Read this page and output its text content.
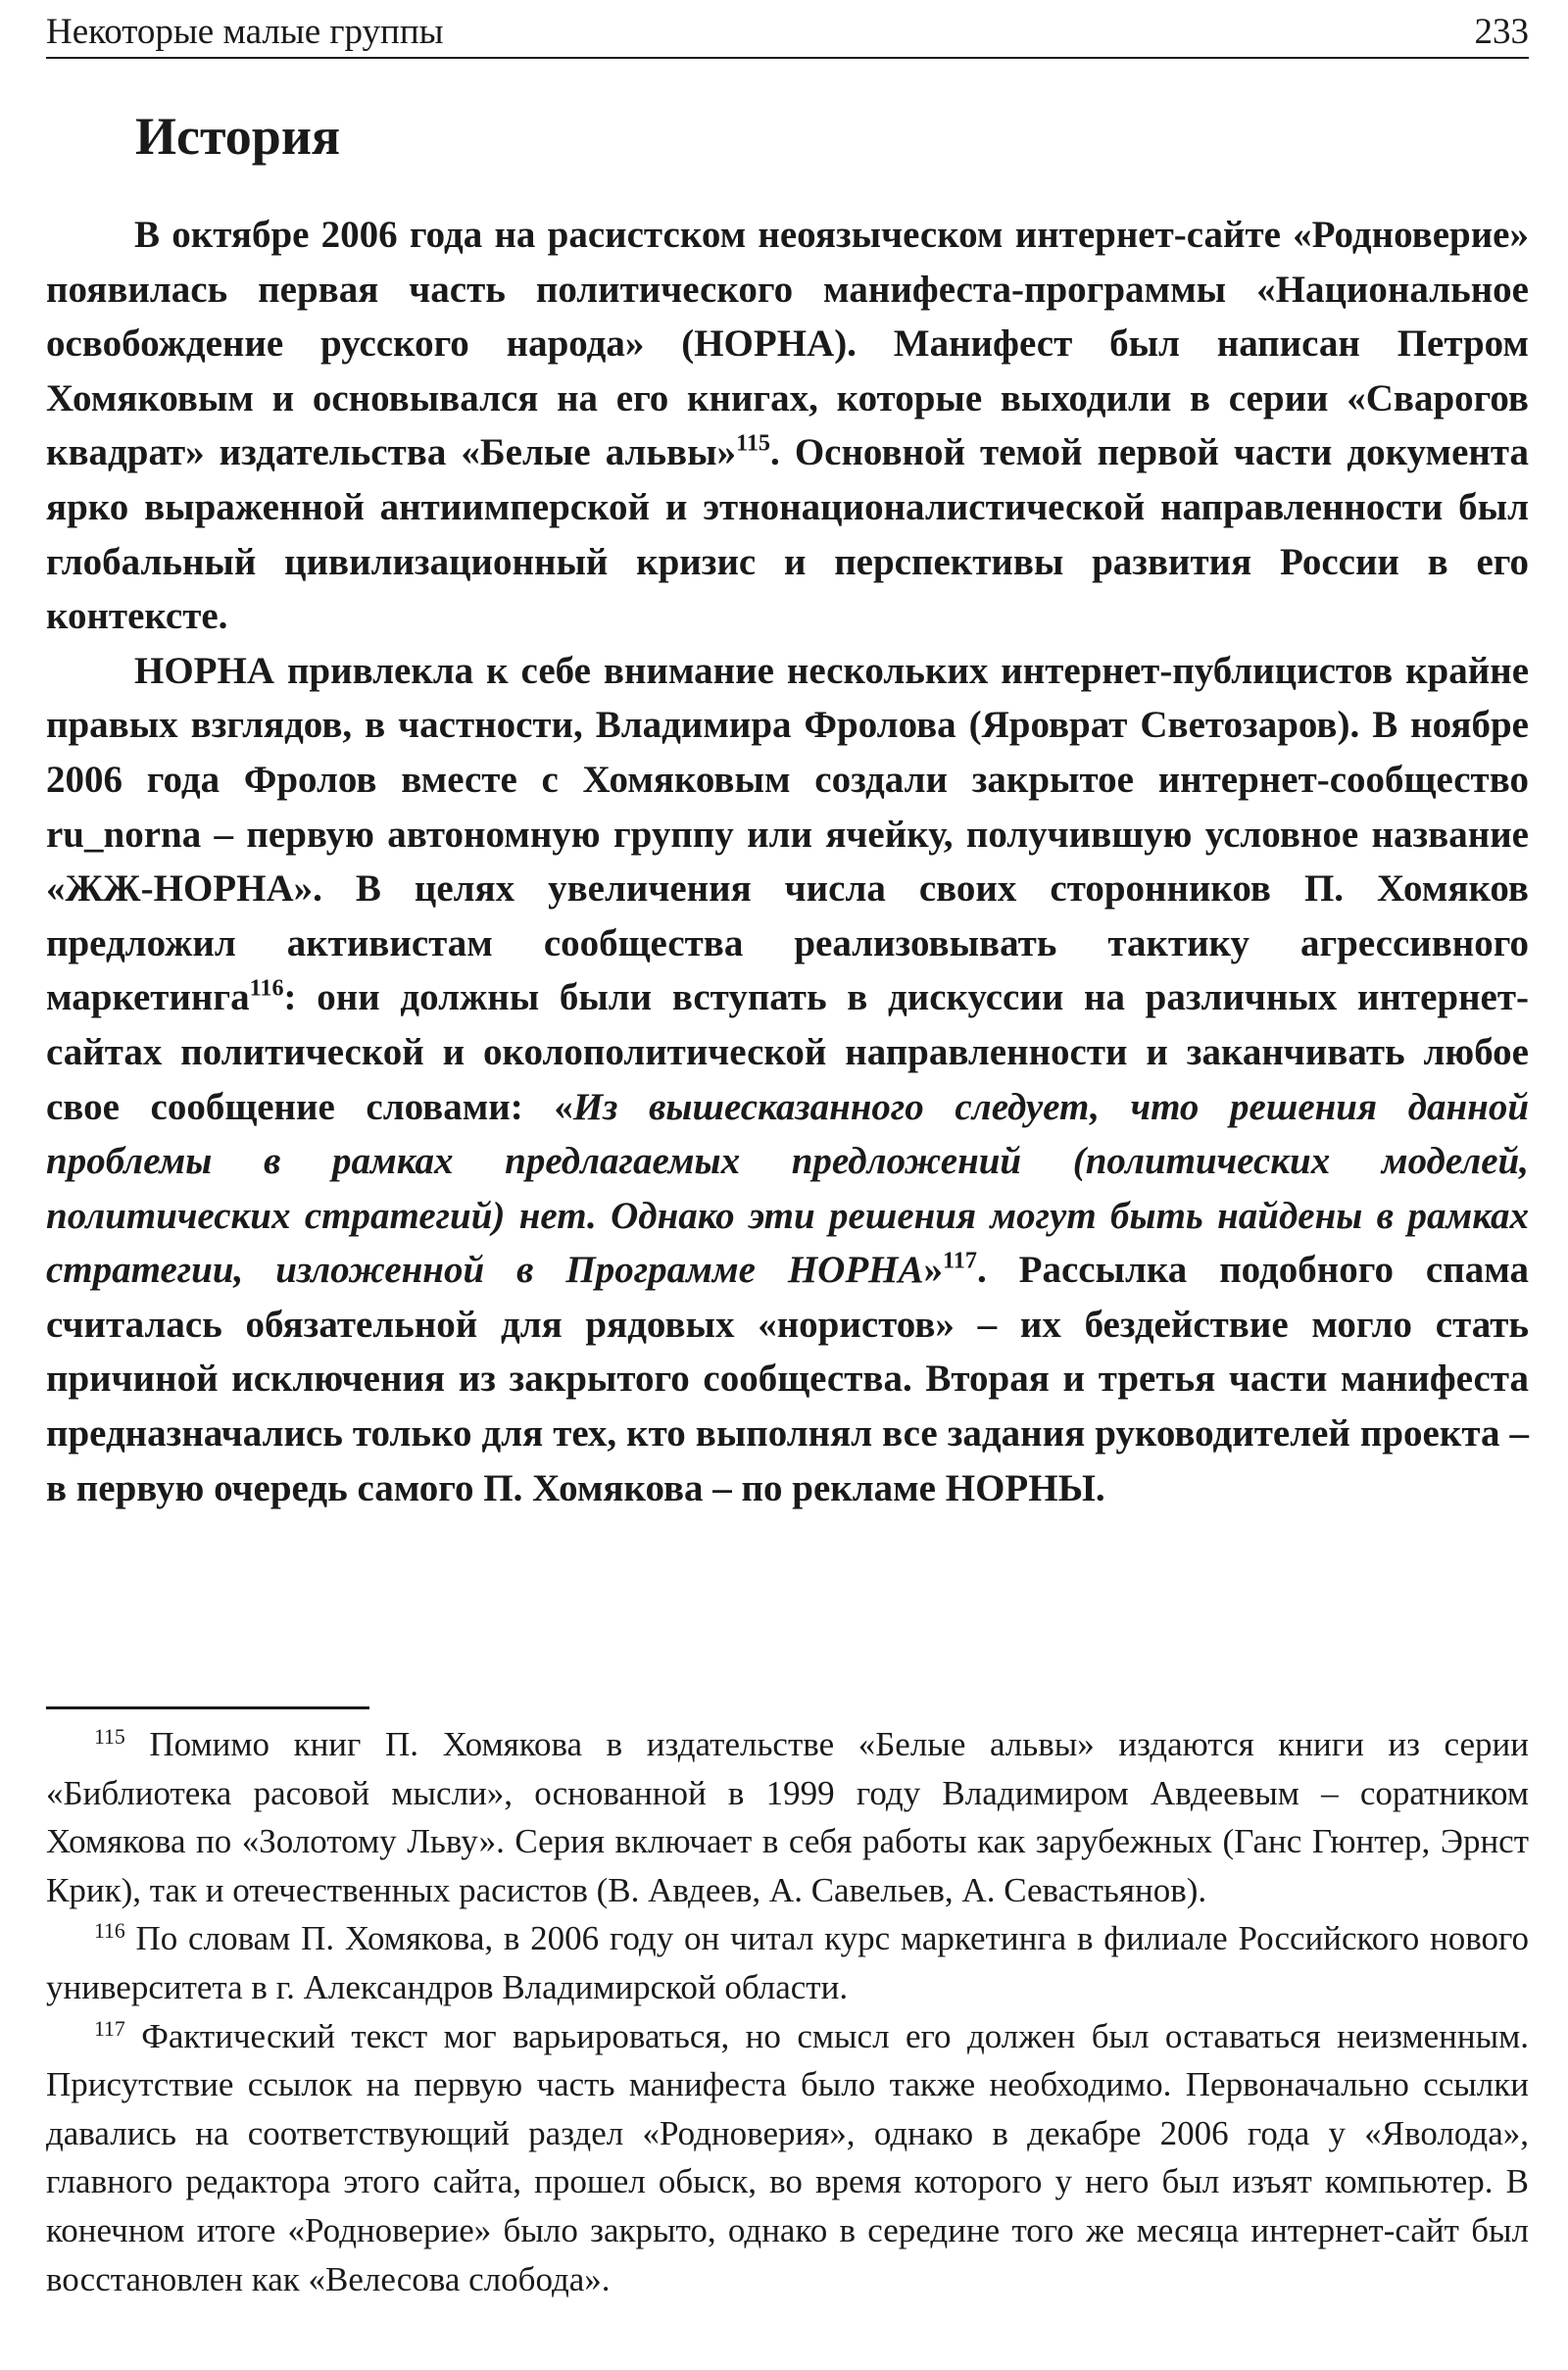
Некоторые малые группы	233
История

В октябре 2006 года на расистском неоязыческом интернет-сайте «Родноверие» появилась первая часть политического манифеста-программы «Национальное освобождение русского народа» (НОРНА). Манифест был написан Петром Хомяковым и основывался на его книгах, которые выходили в серии «Сварогов квадрат» издательства «Белые альвы»$^{115}$. Основной темой первой части документа ярко выраженной антиимперской и этнонационалистической направленности был глобальный цивилизационный кризис и перспективы развития России в его контексте.

НОРНА привлекла к себе внимание нескольких интернет-публицистов крайне правых взглядов, в частности, Владимира Фролова (Яроврат Светозаров). В ноябре 2006 года Фролов вместе с Хомяковым создали закрытое интернет-сообщество ru_norna – первую автономную группу или ячейку, получившую условное название «ЖЖ-НОРНА». В целях увеличения числа своих сторонников П. Хомяков предложил активистам сообщества реализовывать тактику агрессивного маркетинга$^{116}$: они должны были вступать в дискуссии на различных интернет-сайтах политической и околополитической направленности и заканчивать любое свое сообщение словами: «Из вышесказанного следует, что решения данной проблемы в рамках предлагаемых предложений (политических моделей, политических стратегий) нет. Однако эти решения могут быть найдены в рамках стратегии, изложенной в Программе НОРНА»$^{117}$. Рассылка подобного спама считалась обязательной для рядовых «нористов» – их бездействие могло стать причиной исключения из закрытого сообщества. Вторая и третья части манифеста предназначались только для тех, кто выполнял все задания руководителей проекта – в первую очередь самого П. Хомякова – по рекламе НОРНЫ.

$^{115}$ Помимо книг П. Хомякова в издательстве «Белые альвы» издаются книги из серии «Библиотека расовой мысли», основанной в 1999 году Владимиром Авдеевым – соратником Хомякова по «Золотому Льву». Серия включает в себя работы как зарубежных (Ганс Гюнтер, Эрнст Крик), так и отечественных расистов (В. Авдеев, А. Савельев, А. Севастьянов).

$^{116}$ По словам П. Хомякова, в 2006 году он читал курс маркетинга в филиале Российского нового университета в г. Александров Владимирской области.

$^{117}$ Фактический текст мог варьироваться, но смысл его должен был оставаться неизменным. Присутствие ссылок на первую часть манифеста было также необходимо. Первоначально ссылки давались на соответствующий раздел «Родноверия», однако в декабре 2006 года у «Яволода», главного редактора этого сайта, прошел обыск, во время которого у него был изъят компьютер. В конечном итоге «Родноверие» было закрыто, однако в середине того же месяца интернет-сайт был восстановлен как «Велесова слобода».
